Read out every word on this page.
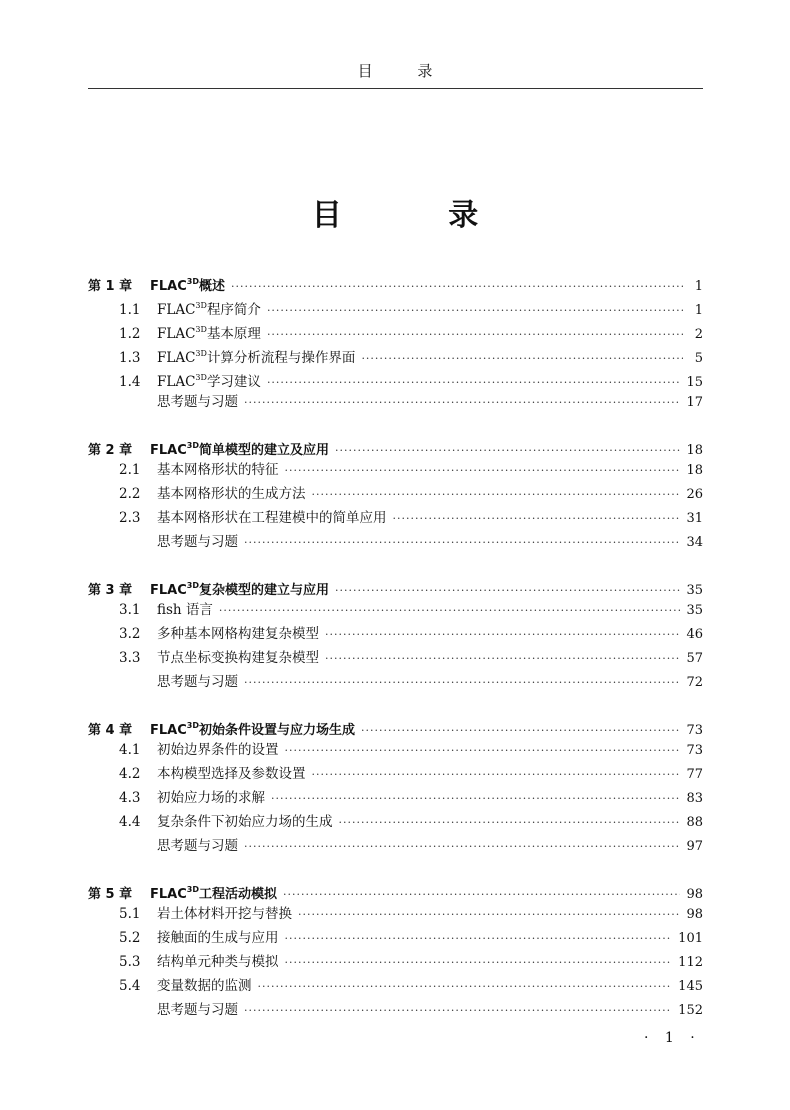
目 录
目 录
第 1 章	$FLAC^{3D}$概述 ·····	1
1.1	$FLAC^{3D}$程序简介 ·····	1
1.2	$FLAC^{3D}$基本原理 ·····	2
1.3	$FLAC^{3D}$计算分析流程与操作界面 ·····	5
1.4	$FLAC^{3D}$学习建议 ·····	15
思考题与习题 ·····	17
第 2 章	$FLAC^{3D}$简单模型的建立及应用 ·····	18
2.1	基本网格形状的特征 ·····	18
2.2	基本网格形状的生成方法 ·····	26
2.3	基本网格形状在工程建模中的简单应用 ·····	31
思考题与习题 ·····	34
第 3 章	$FLAC^{3D}$复杂模型的建立与应用 ·····	35
3.1	fish 语言 ·····	35
3.2	多种基本网格构建复杂模型 ·····	46
3.3	节点坐标变换构建复杂模型 ·····	57
思考题与习题 ·····	72
第 4 章	$FLAC^{3D}$初始条件设置与应力场生成 ·····	73
4.1	初始边界条件的设置 ·····	73
4.2	本构模型选择及参数设置 ·····	77
4.3	初始应力场的求解 ·····	83
4.4	复杂条件下初始应力场的生成 ·····	88
思考题与习题 ·····	97
第 5 章	$FLAC^{3D}$工程活动模拟 ·····	98
5.1	岩土体材料开挖与替换 ·····	98
5.2	接触面的生成与应用 ·····	101
5.3	结构单元种类与模拟 ·····	112
5.4	变量数据的监测 ·····	145
思考题与习题 ·····	152
· 1 ·
